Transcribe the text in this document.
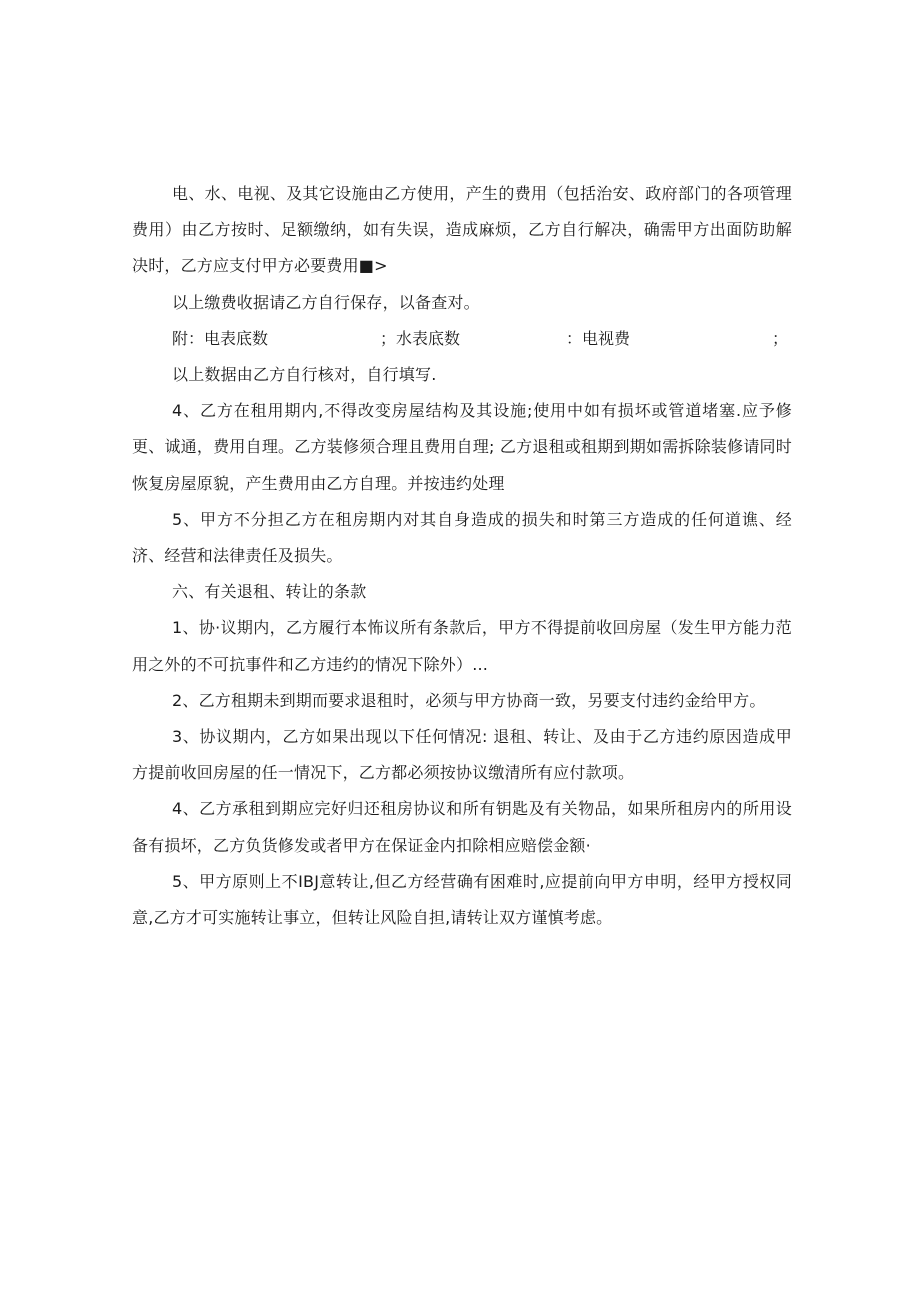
电、水、电视、及其它设施由乙方使用，产生的费用（包括治安、政府部门的各项管理费用）由乙方按时、足额缴纳，如有失误，造成麻烦，乙方自行解决，确需甲方出面防助解决时，乙方应支付甲方必要费用■>

以上缴费收据请乙方自行保存，以备查对。

附：电表底数	； 水表底数	： 电视费	；

以上数据由乙方自行核对，自行填写.

4、乙方在租用期内,不得改变房屋结构及其设施;使用中如有损坏或管道堵塞.应予修更、诚通，费用自理。乙方装修须合理且费用自理; 乙方退租或租期到期如需拆除装修请同时恢复房屋原貌，产生费用由乙方自理。并按违约处理

5、甲方不分担乙方在租房期内对其自身造成的损失和时第三方造成的任何道谯、经济、经营和法律责任及损失。

六、有关退租、转让的条款

1、协·议期内，乙方履行本怖议所有条款后，甲方不得提前收回房屋（发生甲方能力范用之外的不可抗事件和乙方违约的情况下除外）...

2、乙方租期未到期而要求退租时，必须与甲方协商一致，另要支付违约金给甲方。

3、协议期内，乙方如果出现以下任何情况: 退租、转让、及由于乙方违约原因造成甲方提前收回房屋的任一情况下，乙方都必须按协议缴清所有应付款项。

4、乙方承租到期应完好归还租房协议和所有钥匙及有关物品，如果所租房内的所用设备有损坏，乙方负货修发或者甲方在保证金内扣除相应赔偿金额·

5、甲方原则上不IBJ意转让,但乙方经营确有困难时,应提前向甲方申明，经甲方授权同意,乙方才可实施转让事立，但转让风险自担,请转让双方谨慎考虑。
